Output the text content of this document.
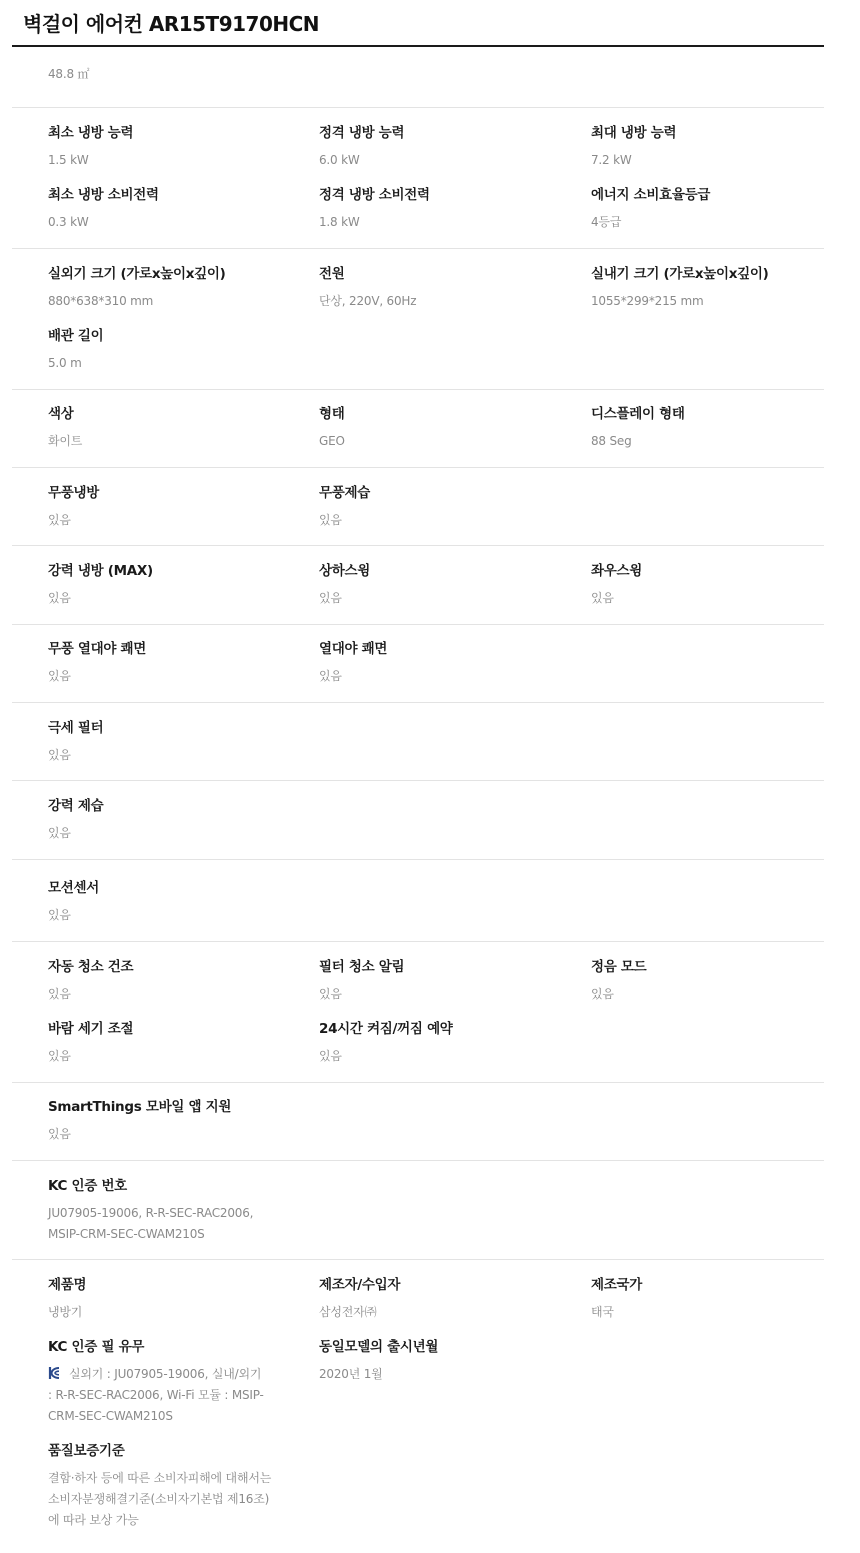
벽걸이 에어컨 AR15T9170HCN
48.8 ㎡
최소 냉방 능력
1.5 kW
정격 냉방 능력
6.0 kW
최대 냉방 능력
7.2 kW
최소 냉방 소비전력
0.3 kW
정격 냉방 소비전력
1.8 kW
에너지 소비효율등급
4등급
실외기 크기 (가로x높이x깊이)
880*638*310 mm
전원
단상, 220V, 60Hz
실내기 크기 (가로x높이x깊이)
1055*299*215 mm
배관 길이
5.0 m
색상
화이트
형태
GEO
디스플레이 형태
88 Seg
무풍냉방
있음
무풍제습
있음
강력 냉방 (MAX)
있음
상하스윙
있음
좌우스윙
있음
무풍 열대야 쾌면
있음
열대야 쾌면
있음
극세 필터
있음
강력 제습
있음
모션센서
있음
자동 청소 건조
있음
필터 청소 알림
있음
정음 모드
있음
바람 세기 조절
있음
24시간 켜짐/꺼짐 예약
있음
SmartThings 모바일 앱 지원
있음
KC 인증 번호
JU07905-19006, R-R-SEC-RAC2006,
MSIP-CRM-SEC-CWAM210S
제품명
냉방기
제조자/수입자
삼성전자㈜
제조국가
태국
KC 인증 필 유무
실외기 : JU07905-19006, 실내/외기
: R-R-SEC-RAC2006, Wi-Fi 모듈 : MSIP-
CRM-SEC-CWAM210S
동일모델의 출시년월
2020년 1월
품질보증기준
결함·하자 등에 따른 소비자피해에 대해서는
소비자분쟁해결기준(소비자기본법 제16조)
에 따라 보상 가능
